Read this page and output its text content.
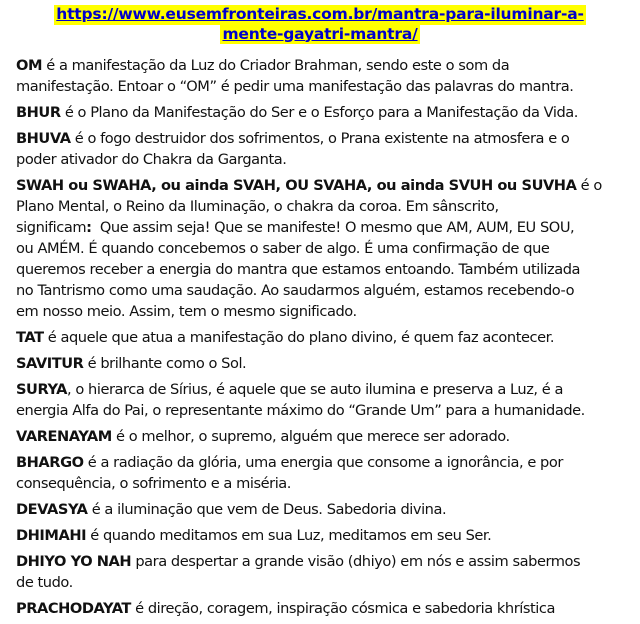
https://www.eusemfronteiras.com.br/mantra-para-iluminar-a-
mente-gayatri-mantra/
OM é a manifestação da Luz do Criador Brahman, sendo este o som da
manifestação. Entoar o “OM” é pedir uma manifestação das palavras do mantra.
BHUR é o Plano da Manifestação do Ser e o Esforço para a Manifestação da Vida.
BHUVA é o fogo destruidor dos sofrimentos, o Prana existente na atmosfera e o
poder ativador do Chakra da Garganta.
SWAH ou SWAHA, ou ainda SVAH, OU SVAHA, ou ainda SVUH ou SUVHA é o
Plano Mental, o Reino da Iluminação, o chakra da coroa. Em sânscrito,
significam:  Que assim seja! Que se manifeste! O mesmo que AM, AUM, EU SOU,
ou AMÉM. É quando concebemos o saber de algo. É uma confirmação de que
queremos receber a energia do mantra que estamos entoando. Também utilizada
no Tantrismo como uma saudação. Ao saudarmos alguém, estamos recebendo-o
em nosso meio. Assim, tem o mesmo significado.
TAT é aquele que atua a manifestação do plano divino, é quem faz acontecer.
SAVITUR é brilhante como o Sol.
SURYA, o hierarca de Sírius, é aquele que se auto ilumina e preserva a Luz, é a
energia Alfa do Pai, o representante máximo do “Grande Um” para a humanidade.
VARENAYAM é o melhor, o supremo, alguém que merece ser adorado.
BHARGO é a radiação da glória, uma energia que consome a ignorância, e por
consequência, o sofrimento e a miséria.
DEVASYA é a iluminação que vem de Deus. Sabedoria divina.
DHIMAHI é quando meditamos em sua Luz, meditamos em seu Ser.
DHIYO YO NAH para despertar a grande visão (dhiyo) em nós e assim sabermos
de tudo.
PRACHODAYAT é direção, coragem, inspiração cósmica e sabedoria khrística
